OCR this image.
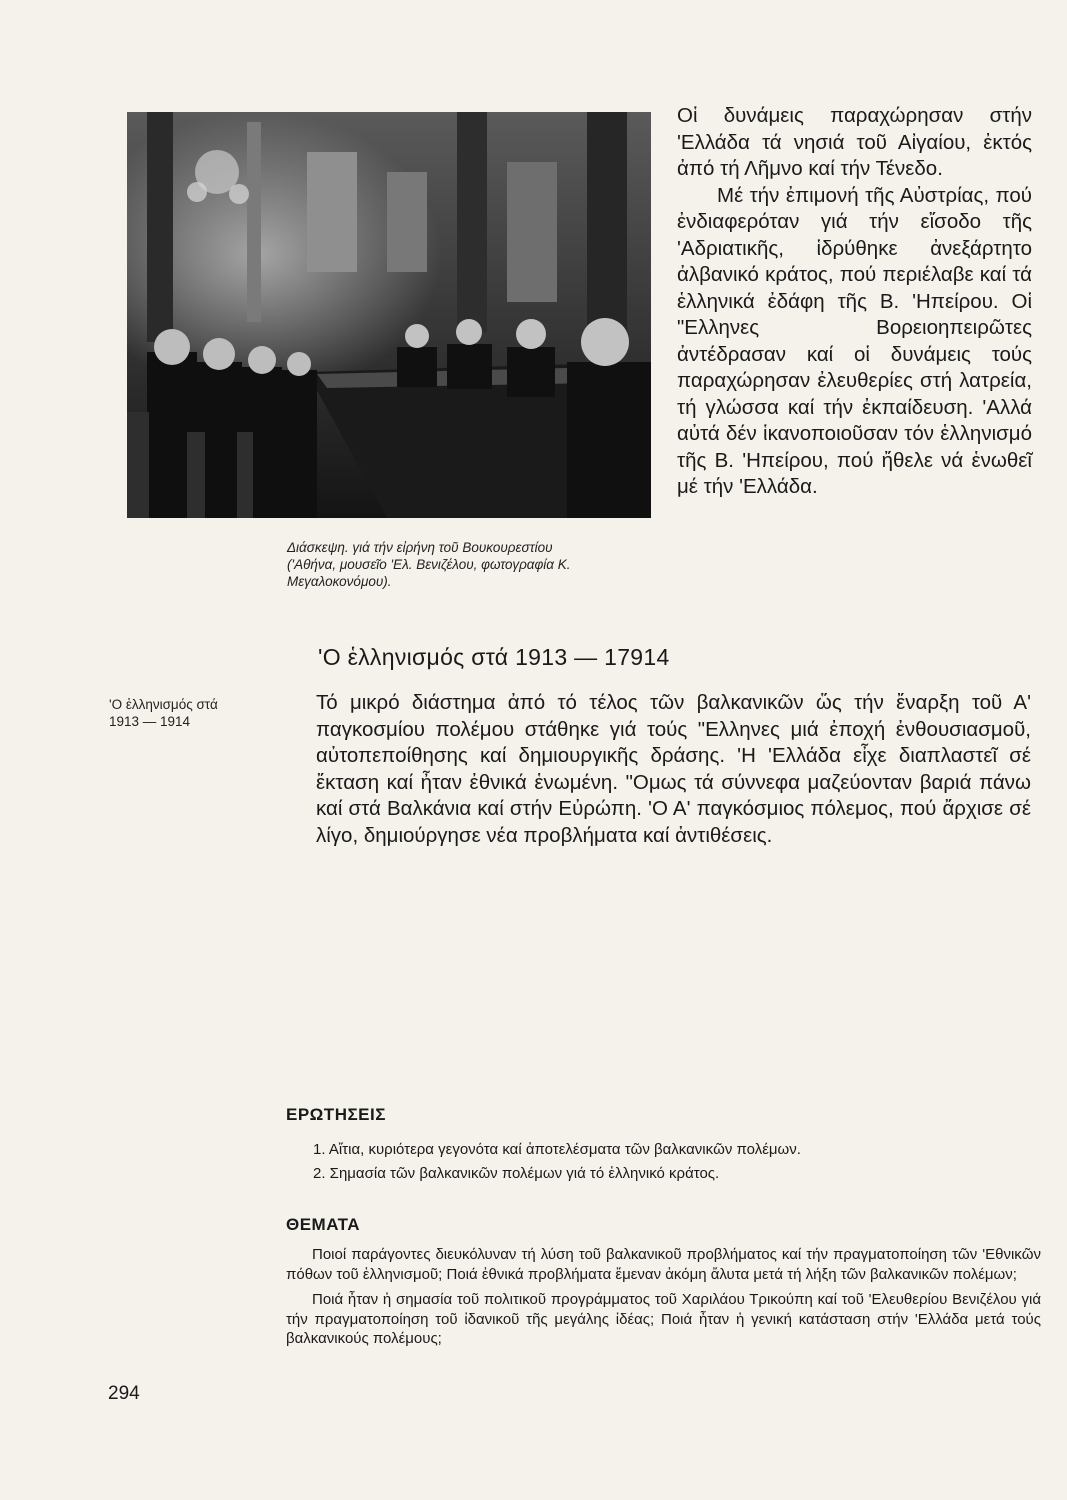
Διάσκεψη. γιά τήν εἰρήνη τοῦ Βουκουρεστίου
('Αθήνα, μουσεῖο 'Ελ. Βενιζέλου, φωτογραφία Κ.
Μεγαλοκονόμου).

Οἱ δυνάμεις παραχώρησαν στήν 'Ελλάδα τά νησιά τοῦ Αἰγαίου, ἐκτός ἀπό τή Λῆμνο καί τήν Τένεδο.

Μέ τήν ἐπιμονή τῆς Αὐστρίας, πού ἐνδιαφερόταν γιά τήν εἴσοδο τῆς 'Αδριατικῆς, ἱδρύθηκε ἀνεξάρτητο ἀλβανικό κράτος, πού περιέλαβε καί τά ἑλληνικά ἐδάφη τῆς Β. 'Ηπείρου. Οἱ "Ελληνες Βορειοηπειρῶτες ἀντέδρασαν καί οἱ δυνάμεις τούς παραχώρησαν ἐλευθερίες στή λατρεία, τή γλώσσα καί τήν ἐκπαίδευση. 'Αλλά αὐτά δέν ἱκανοποιοῦσαν τόν ἑλληνισμό τῆς Β. 'Ηπείρου, πού ἤθελε νά ἑνωθεῖ μέ τήν 'Ελλάδα.

'Ο ἑλληνισμός στά 1913 — 17914
'Ο ἑλληνισμός στά
1913 — 1914

Τό μικρό διάστημα ἀπό τό τέλος τῶν βαλκανικῶν ὥς τήν ἔναρξη τοῦ Α' παγκοσμίου πολέμου στάθηκε γιά τούς "Ελληνες μιά ἐποχή ἐνθουσιασμοῦ, αὐτοπεποίθησης καί δημιουργικῆς δράσης. 'Η 'Ελλάδα εἶχε διαπλαστεῖ σέ ἔκταση καί ἦταν ἐθνικά ἑνωμένη. "Ομως τά σύννεφα μαζεύονταν βαριά πάνω καί στά Βαλκάνια καί στήν Εὐρώπη. 'Ο Α' παγκόσμιος πόλεμος, πού ἄρχισε σέ λίγο, δημιούργησε νέα προβλήματα καί ἀντιθέσεις.

ΕΡΩΤΗΣΕΙΣ
1. Αἴτια, κυριότερα γεγονότα καί ἀποτελέσματα τῶν βαλκανικῶν πολέμων.
2. Σημασία τῶν βαλκανικῶν πολέμων γιά τό ἑλληνικό κράτος.
ΘΕΜΑΤΑ

Ποιοί παράγοντες διευκόλυναν τή λύση τοῦ βαλκανικοῦ προβλήματος καί τήν πραγματοποίηση τῶν 'Εθνικῶν πόθων τοῦ ἑλληνισμοῦ; Ποιά ἐθνικά προβλήματα ἔμεναν ἀκόμη ἄλυτα μετά τή λήξη τῶν βαλκανικῶν πολέμων;

Ποιά ἦταν ἡ σημασία τοῦ πολιτικοῦ προγράμματος τοῦ Χαριλάου Τρικούπη καί τοῦ 'Ελευθερίου Βενιζέλου γιά τήν πραγματοποίηση τοῦ ἰδανικοῦ τῆς μεγάλης ἰδέας; Ποιά ἦταν ἡ γενική κατάσταση στήν 'Ελλάδα μετά τούς βαλκανικούς πολέμους;

294
